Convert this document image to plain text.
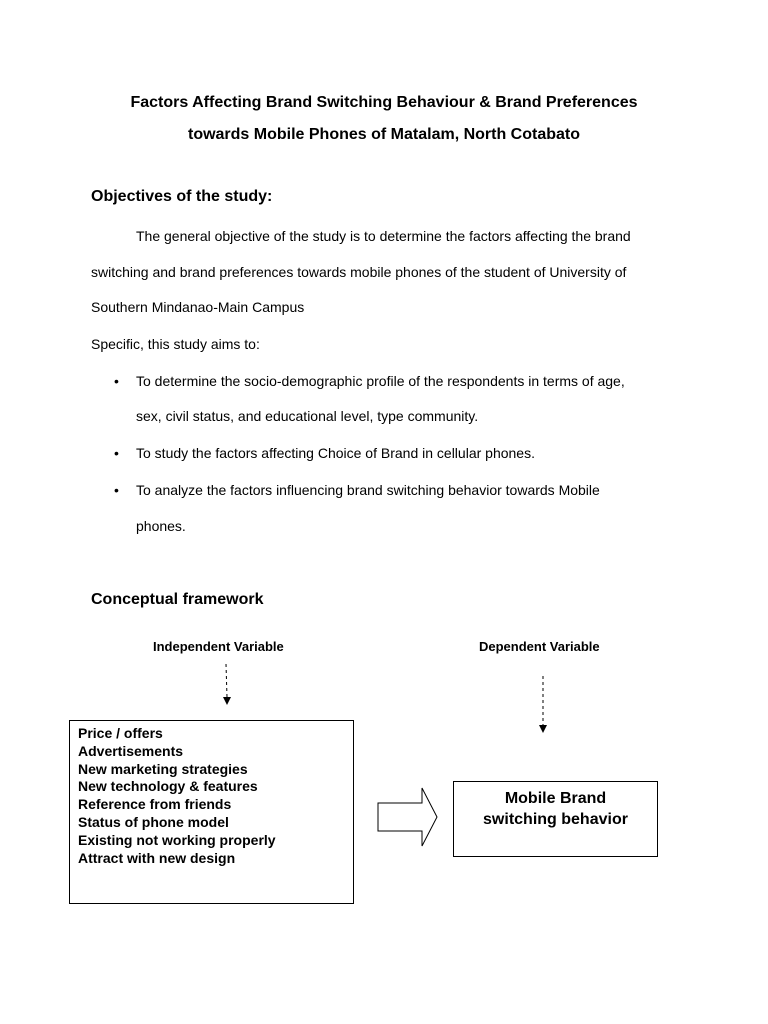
Factors Affecting Brand Switching Behaviour & Brand Preferences

towards Mobile Phones of Matalam, North Cotabato

Objectives of the study:

The general objective of the study is to determine the factors affecting the brand
switching and brand preferences towards mobile phones of the student of University of
Southern Mindanao-Main Campus
Specific, this study aims to:
• To determine the socio-demographic profile of the respondents in terms of age,
sex, civil status, and educational level, type community.
• To study the factors affecting Choice of Brand in cellular phones.
• To analyze the factors influencing brand switching behavior towards Mobile
phones.

Conceptual framework

Independent Variable	Dependent Variable
Price / offers
Advertisements
New marketing strategies
New technology & features
Reference from friends
Status of phone model
Existing not working properly
Attract with new design
Mobile Brand
switching behavior
